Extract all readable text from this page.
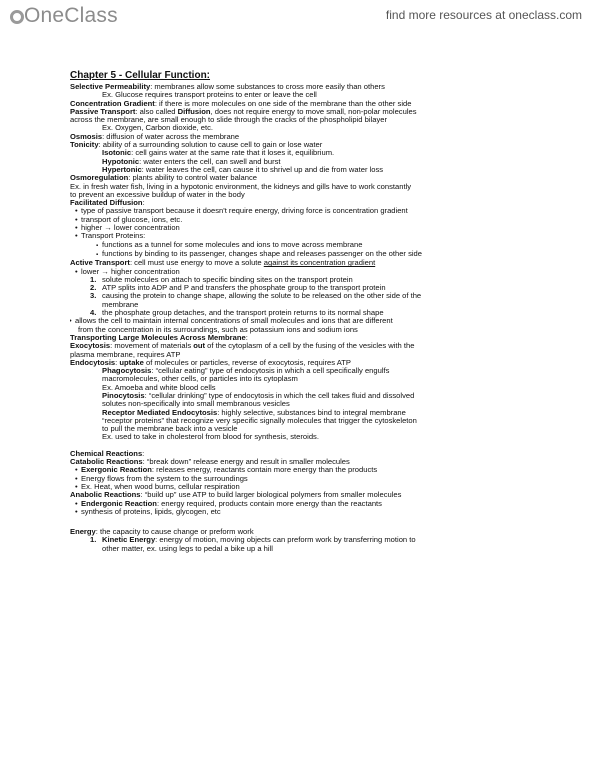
OneClass	find more resources at oneclass.com
Chapter 5 - Cellular Function:
Selective Permeability: membranes allow some substances to cross more easily than others
Ex. Glucose requires transport proteins to enter or leave the cell
Concentration Gradient: if there is more molecules on one side of the membrane than the other side
Passive Transport: also called Diffusion, does not require energy to move small, non-polar molecules
across the membrane, are small enough to slide through the cracks of the phospholipid bilayer
Ex. Oxygen, Carbon dioxide, etc.
Osmosis: diffusion of water across the membrane
Tonicity: ability of a surrounding solution to cause cell to gain or lose water
Isotonic: cell gains water at the same rate that it loses it, equilibrium.
Hypotonic: water enters the cell, can swell and burst
Hypertonic: water leaves the cell, can cause it to shrivel up and die from water loss
Osmoregulation: plants ability to control water balance
Ex. in fresh water fish, living in a hypotonic environment, the kidneys and gills have to work constantly
to prevent an excessive buildup of water in the body
Facilitated Diffusion:
• type of passive transport because it doesn't require energy, driving force is concentration gradient
• transport of glucose, ions, etc.
• higher → lower concentration
• Transport Proteins:
▪ functions as a tunnel for some molecules and ions to move across membrane
▪ functions by binding to its passenger, changes shape and releases passenger on the other side
Active Transport: cell must use energy to move a solute against its concentration gradient
• lower → higher concentration
1. solute molecules on attach to specific binding sites on the transport protein
2. ATP splits into ADP and P and transfers the phosphate group to the transport protein
3. causing the protein to change shape, allowing the solute to be released on the other side of the
membrane
4. the phosphate group detaches, and the transport protein returns to its normal shape
• allows the cell to maintain internal concentrations of small molecules and ions that are different
from the concentration in its surroundings, such as potassium ions and sodium ions
Transporting Large Molecules Across Membrane:
Exocytosis: movement of materials out of the cytoplasm of a cell by the fusing of the vesicles with the
plasma membrane, requires ATP
Endocytosis: uptake of molecules or particles, reverse of exocytosis, requires ATP
Phagocytosis: “cellular eating” type of endocytosis in which a cell specifically engulfs
macromolecules, other cells, or particles into its cytoplasm
Ex. Amoeba and white blood cells
Pinocytosis: “cellular drinking” type of endocytosis in which the cell takes fluid and dissolved
solutes non-specifically into small membranous vesicles
Receptor Mediated Endocytosis: highly selective, substances bind to integral membrane
“receptor proteins” that recognize very specific signally molecules that trigger the cytoskeleton
to pull the membrane back into a vesicle
Ex. used to take in cholesterol from blood for synthesis, steroids.
Chemical Reactions:
Catabolic Reactions: “break down” release energy and result in smaller molecules
• Exergonic Reaction: releases energy, reactants contain more energy than the products
• Energy flows from the system to the surroundings
• Ex. Heat, when wood burns, cellular respiration
Anabolic Reactions: “build up” use ATP to build larger biological polymers from smaller molecules
• Endergonic Reaction: energy required, products contain more energy than the reactants
• synthesis of proteins, lipids, glycogen, etc
Energy: the capacity to cause change or preform work
1. Kinetic Energy: energy of motion, moving objects can preform work by transferring motion to
other matter, ex. using legs to pedal a bike up a hill
